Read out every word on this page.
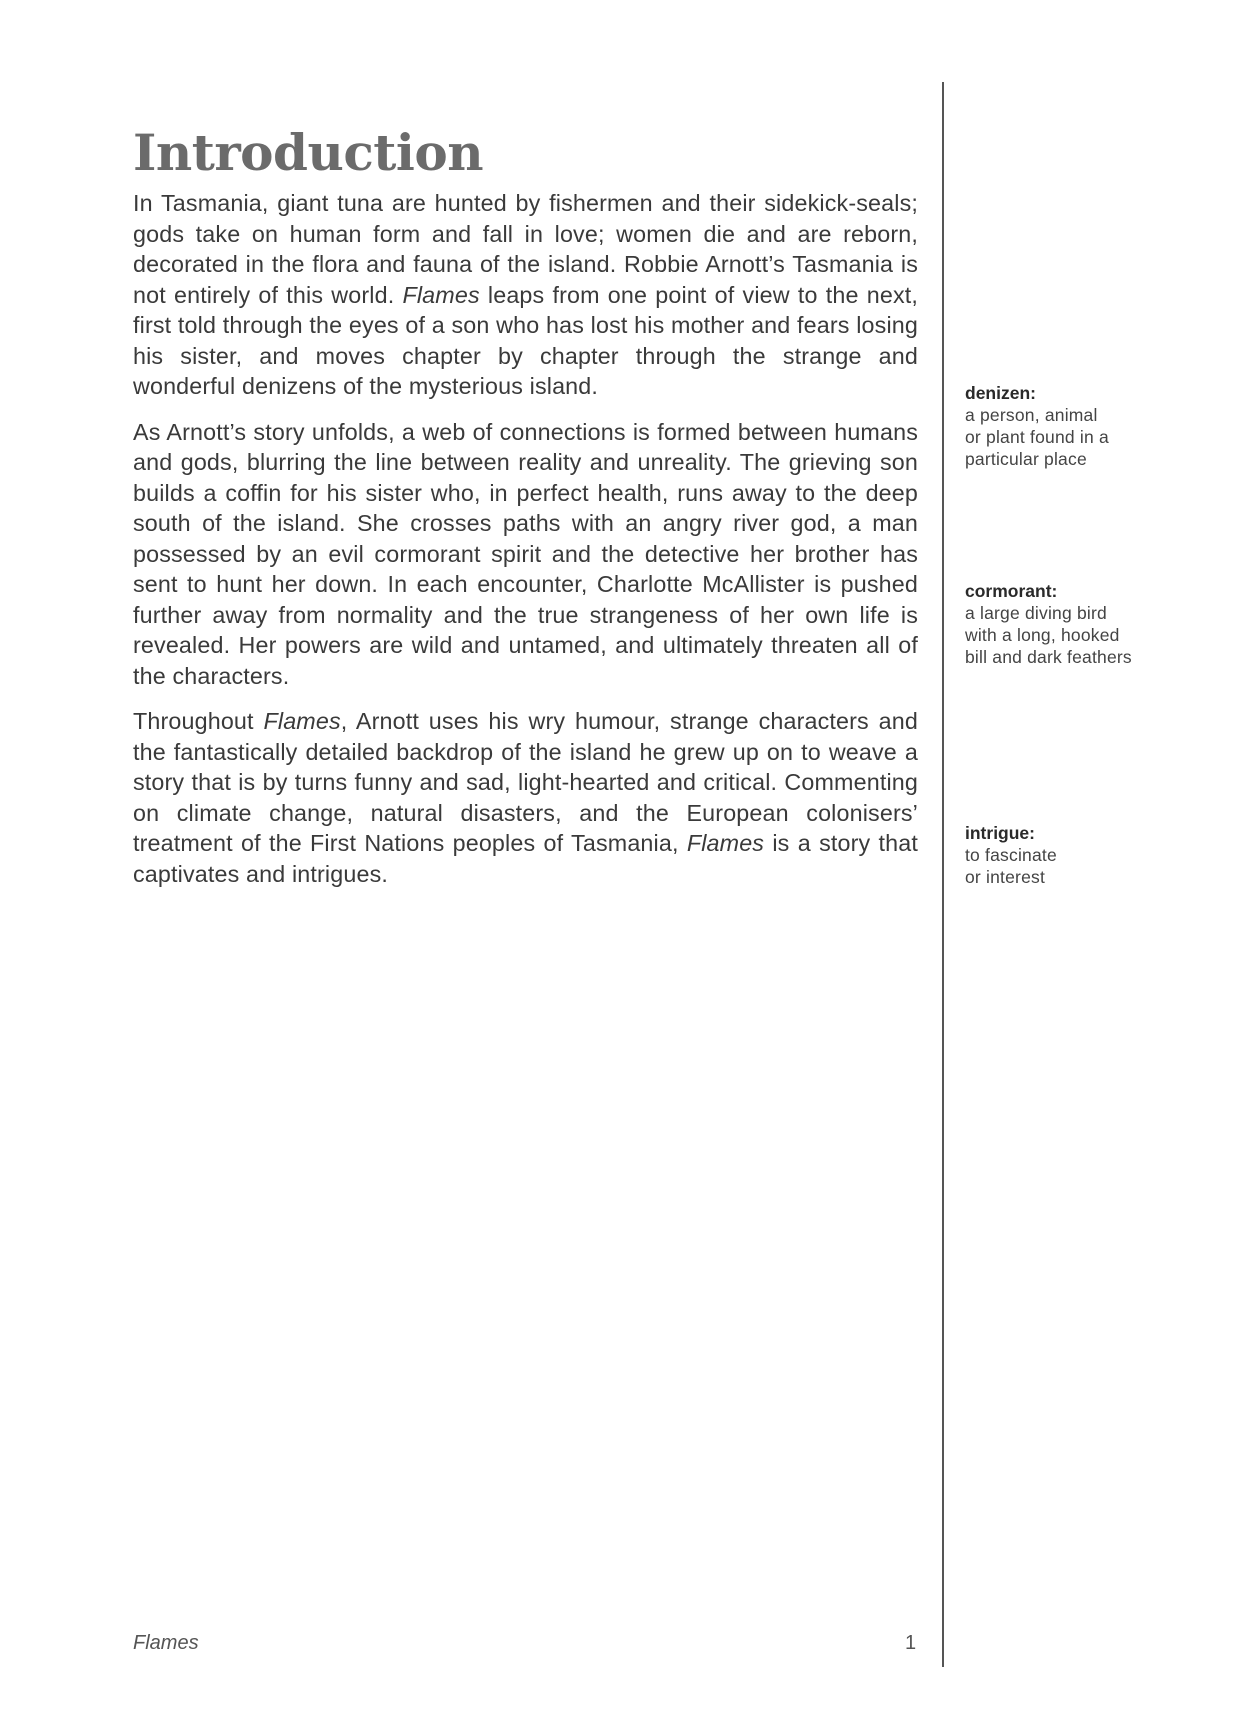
Introduction

In Tasmania, giant tuna are hunted by fishermen and their sidekick-seals; gods take on human form and fall in love; women die and are reborn, decorated in the flora and fauna of the island. Robbie Arnott’s Tasmania is not entirely of this world. Flames leaps from one point of view to the next, first told through the eyes of a son who has lost his mother and fears losing his sister, and moves chapter by chapter through the strange and wonderful denizens of the mysterious island.

As Arnott’s story unfolds, a web of connections is formed between humans and gods, blurring the line between reality and unreality. The grieving son builds a coffin for his sister who, in perfect health, runs away to the deep south of the island. She crosses paths with an angry river god, a man possessed by an evil cormorant spirit and the detective her brother has sent to hunt her down. In each encounter, Charlotte McAllister is pushed further away from normality and the true strangeness of her own life is revealed. Her powers are wild and untamed, and ultimately threaten all of the characters.

Throughout Flames, Arnott uses his wry humour, strange characters and the fantastically detailed backdrop of the island he grew up on to weave a story that is by turns funny and sad, light-hearted and critical. Commenting on climate change, natural disasters, and the European colonisers’ treatment of the First Nations peoples of Tasmania, Flames is a story that captivates and intrigues.

denizen:

a person, animal
or plant found in a
particular place

cormorant:

a large diving bird
with a long, hooked
bill and dark feathers

intrigue:

to fascinate
or interest

Flames	1
